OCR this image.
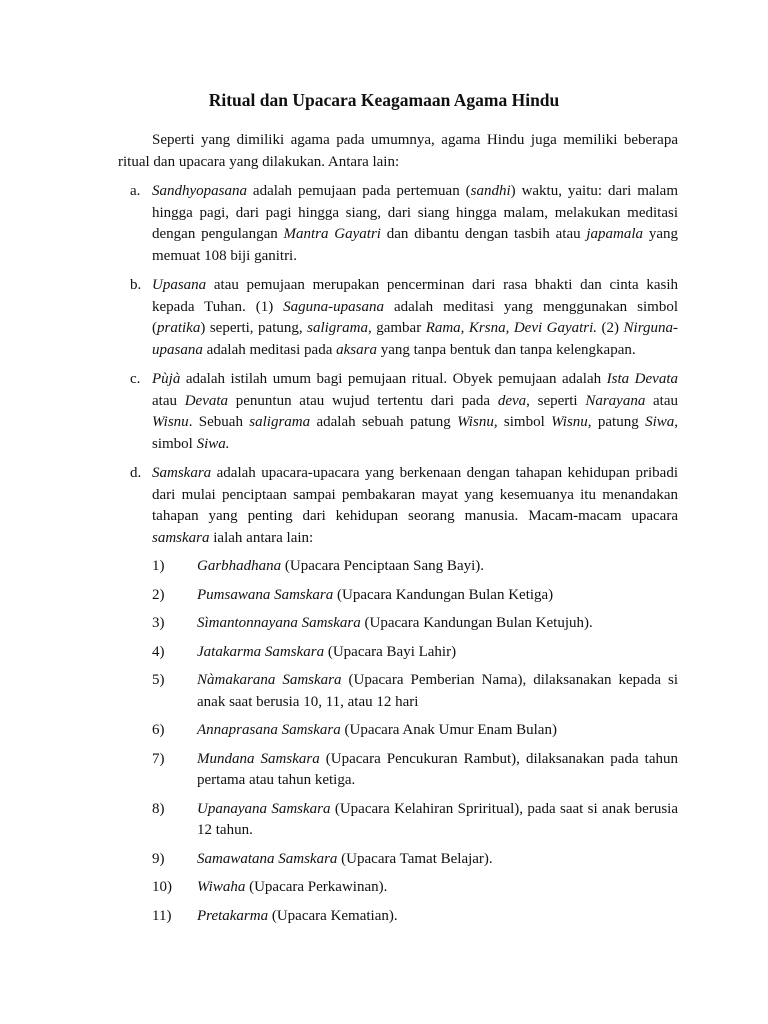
Ritual dan Upacara Keagamaan Agama Hindu

Seperti yang dimiliki agama pada umumnya, agama Hindu juga memiliki beberapa ritual dan upacara yang dilakukan. Antara lain:

a. Sandhyopasana adalah pemujaan pada pertemuan (sandhi) waktu, yaitu: dari malam hingga pagi, dari pagi hingga siang, dari siang hingga malam, melakukan meditasi dengan pengulangan Mantra Gayatri dan dibantu dengan tasbih atau japamala yang memuat 108 biji ganitri.
b. Upasana atau pemujaan merupakan pencerminan dari rasa bhakti dan cinta kasih kepada Tuhan. (1) Saguna-upasana adalah meditasi yang menggunakan simbol (pratika) seperti, patung, saligrama, gambar Rama, Krsna, Devi Gayatri. (2) Nirguna-upasana adalah meditasi pada aksara yang tanpa bentuk dan tanpa kelengkapan.
c. Pùjà adalah istilah umum bagi pemujaan ritual. Obyek pemujaan adalah Ista Devata atau Devata penuntun atau wujud tertentu dari pada deva, seperti Narayana atau Wisnu. Sebuah saligrama adalah sebuah patung Wisnu, simbol Wisnu, patung Siwa, simbol Siwa.
d. Samskara adalah upacara-upacara yang berkenaan dengan tahapan kehidupan pribadi dari mulai penciptaan sampai pembakaran mayat yang kesemuanya itu menandakan tahapan yang penting dari kehidupan seorang manusia. Macam-macam upacara samskara ialah antara lain:
1)	Garbhadhana (Upacara Penciptaan Sang Bayi).
2)	Pumsawana Samskara (Upacara Kandungan Bulan Ketiga)
3)	Sìmantonnayana Samskara (Upacara Kandungan Bulan Ketujuh).
4)	Jatakarma Samskara (Upacara Bayi Lahir)
5)	Nàmakarana Samskara (Upacara Pemberian Nama), dilaksanakan kepada si anak saat berusia 10, 11, atau 12 hari
6)	Annaprasana Samskara (Upacara Anak Umur Enam Bulan)
7)	Mundana Samskara (Upacara Pencukuran Rambut), dilaksanakan pada tahun pertama atau tahun ketiga.
8)	Upanayana Samskara (Upacara Kelahiran Spriritual), pada saat si anak berusia 12 tahun.
9)	Samawatana Samskara (Upacara Tamat Belajar).
10)	Wiwaha (Upacara Perkawinan).
11)	Pretakarma (Upacara Kematian).
